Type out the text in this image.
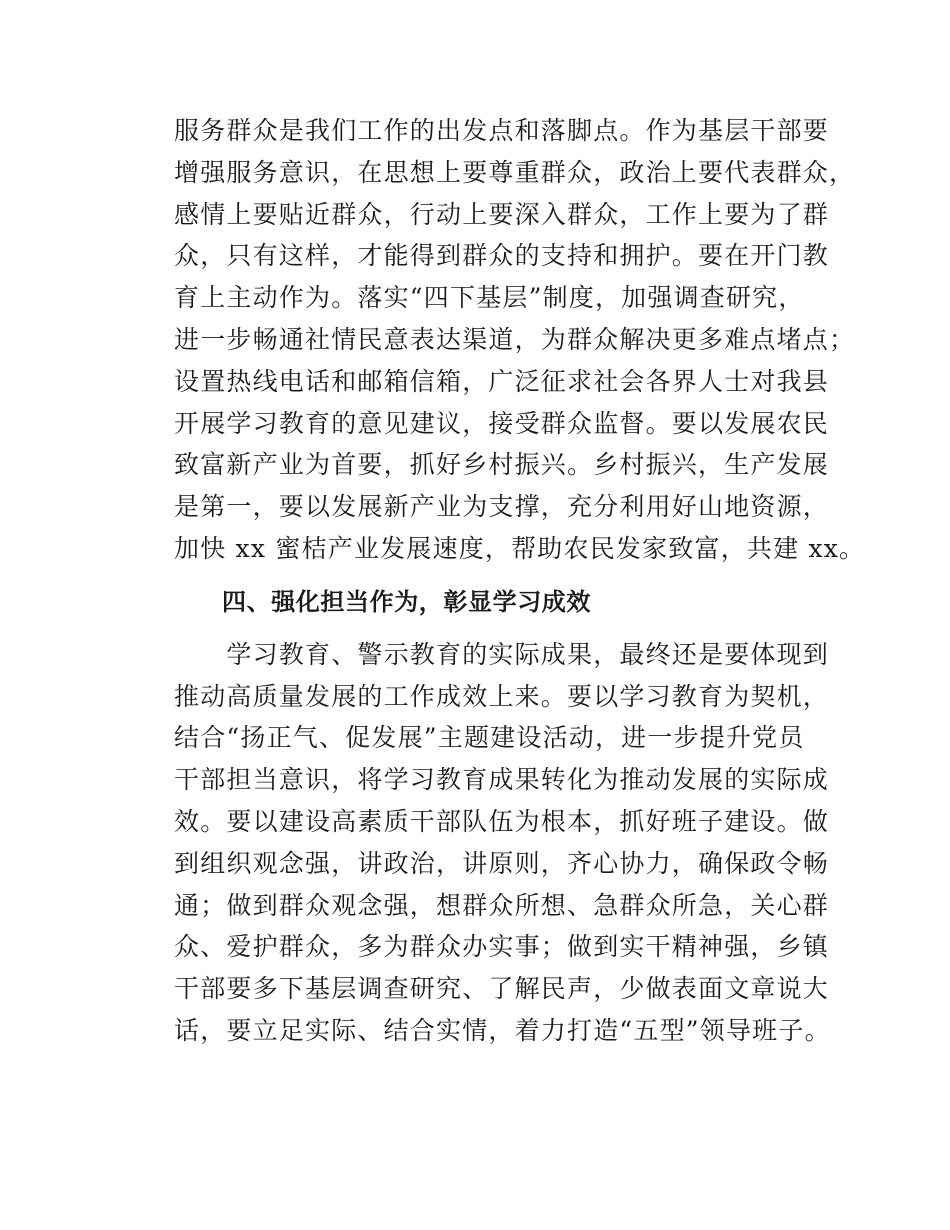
服务群众是我们工作的出发点和落脚点。作为基层干部要
增强服务意识，在思想上要尊重群众，政治上要代表群众，
感情上要贴近群众，行动上要深入群众，工作上要为了群
众，只有这样，才能得到群众的支持和拥护。要在开门教
育上主动作为。落实“四下基层”制度，加强调查研究，
进一步畅通社情民意表达渠道，为群众解决更多难点堵点；
设置热线电话和邮箱信箱，广泛征求社会各界人士对我县
开展学习教育的意见建议，接受群众监督。要以发展农民
致富新产业为首要，抓好乡村振兴。乡村振兴，生产发展
是第一，要以发展新产业为支撑，充分利用好山地资源，
加快 xx 蜜桔产业发展速度，帮助农民发家致富，共建 xx。
四、强化担当作为，彰显学习成效
　　学习教育、警示教育的实际成果，最终还是要体现到
推动高质量发展的工作成效上来。要以学习教育为契机，
结合“扬正气、促发展”主题建设活动，进一步提升党员
干部担当意识，将学习教育成果转化为推动发展的实际成
效。要以建设高素质干部队伍为根本，抓好班子建设。做
到组织观念强，讲政治，讲原则，齐心协力，确保政令畅
通；做到群众观念强，想群众所想、急群众所急，关心群
众、爱护群众，多为群众办实事；做到实干精神强，乡镇
干部要多下基层调查研究、了解民声，少做表面文章说大
话，要立足实际、结合实情，着力打造“五型”领导班子。
